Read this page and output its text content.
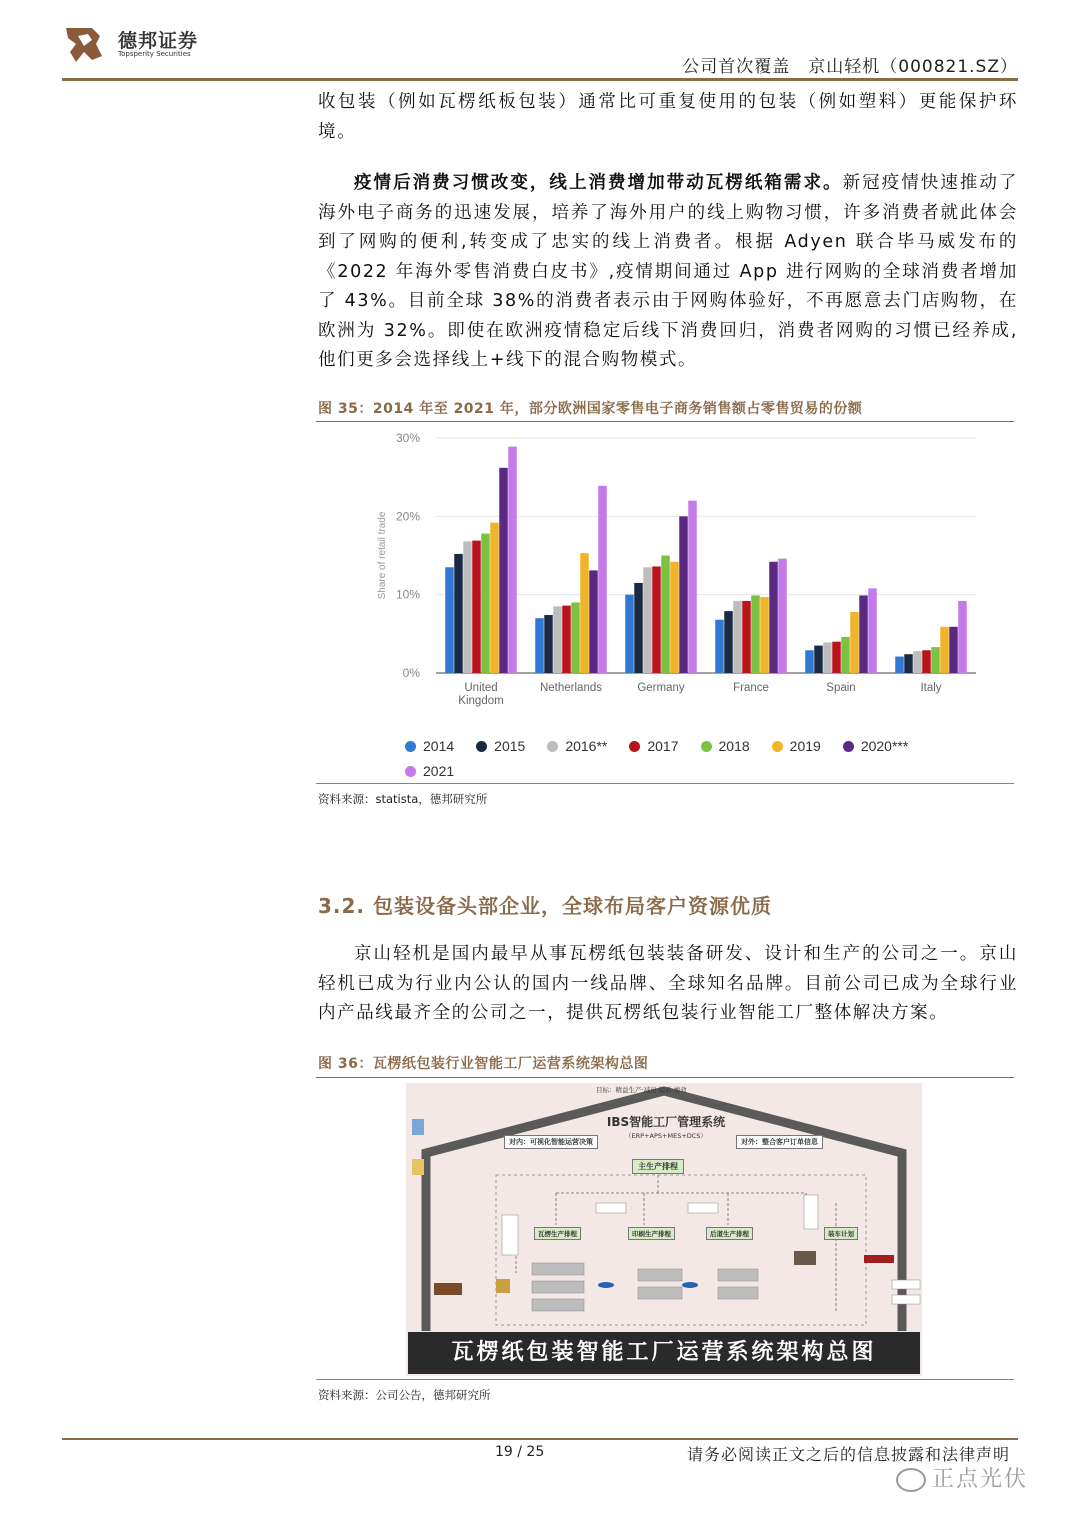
德邦证券
Topsperity Securities
公司首次覆盖　京山轻机（000821.SZ）

收包装（例如瓦楞纸板包装）通常比可重复使用的包装（例如塑料）更能保护环境。

疫情后消费习惯改变，线上消费增加带动瓦楞纸箱需求。新冠疫情快速推动了海外电子商务的迅速发展，培养了海外用户的线上购物习惯，许多消费者就此体会到了网购的便利,转变成了忠实的线上消费者。根据 Adyen 联合毕马威发布的《2022 年海外零售消费白皮书》,疫情期间通过 App 进行网购的全球消费者增加了 43%。目前全球 38%的消费者表示由于网购体验好，不再愿意去门店购物，在欧洲为 32%。即使在欧洲疫情稳定后线下消费回归，消费者网购的习惯已经养成,他们更多会选择线上+线下的混合购物模式。

图 35：2014 年至 2021 年，部分欧洲国家零售电子商务销售额占零售贸易的份额
0%
10%
20%
30%
Share of retail trade
United
Kingdom
Netherlands	Germany	France	Spain	Italy
2014	2015	2016**	2017	2018	2019	2020***
2021
资料来源：statista，德邦研究所
3.2. 包装设备头部企业，全球布局客户资源优质

京山轻机是国内最早从事瓦楞纸包装装备研发、设计和生产的公司之一。京山轻机已成为行业内公认的国内一线品牌、全球知名品牌。目前公司已成为全球行业内产品线最齐全的公司之一，提供瓦楞纸包装行业智能工厂整体解决方案。

图 36：瓦楞纸包装行业智能工厂运营系统架构总图
目标：精益生产·减员·提质·增效
IBS智能工厂管理系统
（ERP+APS+MES+DCS）
对内：可视化智能运营决策	对外：整合客户订单信息
主生产排程
瓦楞生产排程	印刷生产排程	后道生产排程	装车计划
瓦楞纸包装智能工厂运营系统架构总图
资料来源：公司公告，德邦研究所
19 / 25	请务必阅读正文之后的信息披露和法律声明
正点光伏
